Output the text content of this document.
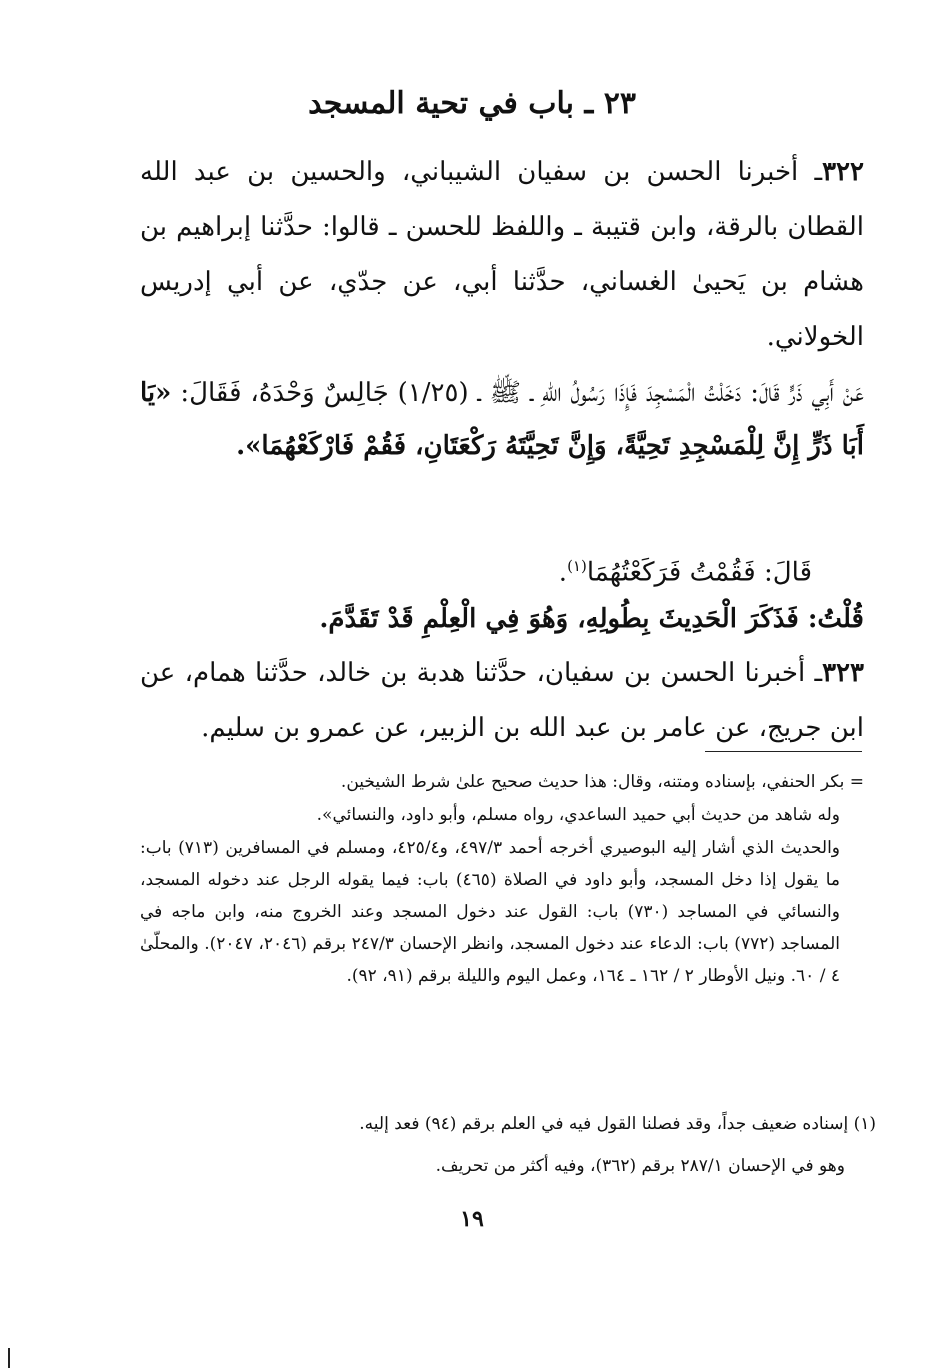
٢٣ ـ باب في تحية المسجد
٣٢٢ـ أخبرنا الحسن بن سفيان الشيباني، والحسين بن عبد الله القطان بالرقة، وابن قتيبة ـ واللفظ للحسن ـ قالوا: حدَّثنا إبراهيم بن هشام بن يَحيىٰ الغساني، حدَّثنا أبي، عن جدّي، عن أبي إدريس الخولاني.
عَنْ أَبِي ذَرٍّ قَالَ: دَخَلْتُ الْمَسْجِدَ فَإِذَا رَسُولُ اللهِ ـ ﷺ ـ (١/٢٥) جَالِسٌ وَحْدَهُ، فَقَالَ: «يَا أَبَا ذَرٍّ إِنَّ لِلْمَسْجِدِ تَحِيَّةً، وَإِنَّ تَحِيَّتَهُ رَكْعَتَانِ، فَقُمْ فَارْكَعْهُمَا».
قَالَ: فَقُمْتُ فَرَكَعْتُهُمَا$^{(١)}$.
قُلْتُ: فَذَكَرَ الْحَدِيثَ بِطُولِهِ، وَهُوَ فِي الْعِلْمِ قَدْ تَقَدَّمَ.
٣٢٣ـ أخبرنا الحسن بن سفيان، حدَّثنا هدبة بن خالد، حدَّثنا همام، عن ابن جريج، عن عامر بن عبد الله بن الزبير، عن عمرو بن سليم.
= بكر الحنفي، بإسناده ومتنه، وقال: هذا حديث صحيح علىٰ شرط الشيخين.
وله شاهد من حديث أبي حميد الساعدي، رواه مسلم، وأبو داود، والنسائي».
والحديث الذي أشار إليه البوصيري أخرجه أحمد ٤٩٧/٣، و٤٢٥/٤، ومسلم في المسافرين (٧١٣) باب: ما يقول إذا دخل المسجد، وأبو داود في الصلاة (٤٦٥) باب: فيما يقوله الرجل عند دخوله المسجد، والنسائي في المساجد (٧٣٠) باب: القول عند دخول المسجد وعند الخروج منه، وابن ماجه في المساجد (٧٧٢) باب: الدعاء عند دخول المسجد، وانظر الإحسان ٢٤٧/٣ برقم (٢٠٤٦، ٢٠٤٧). والمحلّىٰ ٤ / ٦٠. ونيل الأوطار ٢ / ١٦٢ ـ ١٦٤، وعمل اليوم والليلة برقم (٩١، ٩٢).
(١) إسناده ضعيف جداً، وقد فصلنا القول فيه في العلم برقم (٩٤) فعد إليه.
وهو في الإحسان ٢٨٧/١ برقم (٣٦٢)، وفيه أكثر من تحريف.
١٩
